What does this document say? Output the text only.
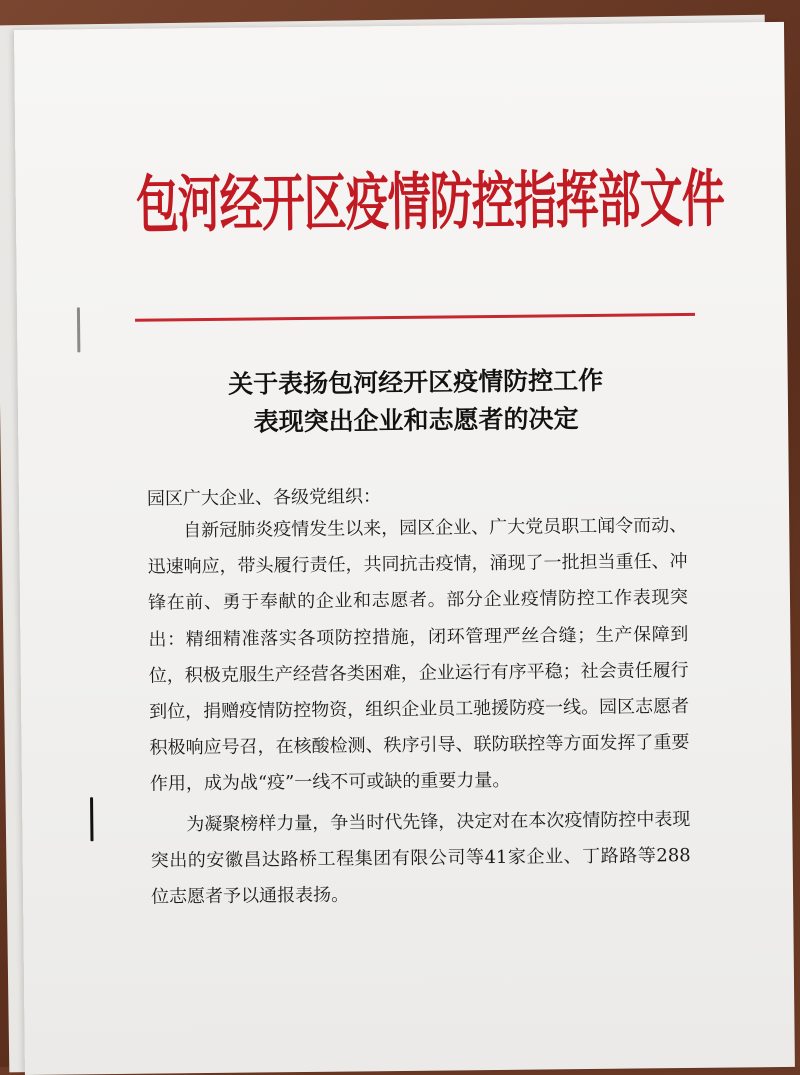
包河经开区疫情防控指挥部文件
关于表扬包河经开区疫情防控工作
表现突出企业和志愿者的决定
园区广大企业、各级党组织：

自新冠肺炎疫情发生以来，园区企业、广大党员职工闻令而动、迅速响应，带头履行责任，共同抗击疫情，涌现了一批担当重任、冲锋在前、勇于奉献的企业和志愿者。部分企业疫情防控工作表现突出：精细精准落实各项防控措施，闭环管理严丝合缝；生产保障到位，积极克服生产经营各类困难，企业运行有序平稳；社会责任履行到位，捐赠疫情防控物资，组织企业员工驰援防疫一线。园区志愿者积极响应号召，在核酸检测、秩序引导、联防联控等方面发挥了重要作用，成为战“疫”一线不可或缺的重要力量。

为凝聚榜样力量，争当时代先锋，决定对在本次疫情防控中表现突出的安徽昌达路桥工程集团有限公司等41家企业、丁路路等288位志愿者予以通报表扬。
